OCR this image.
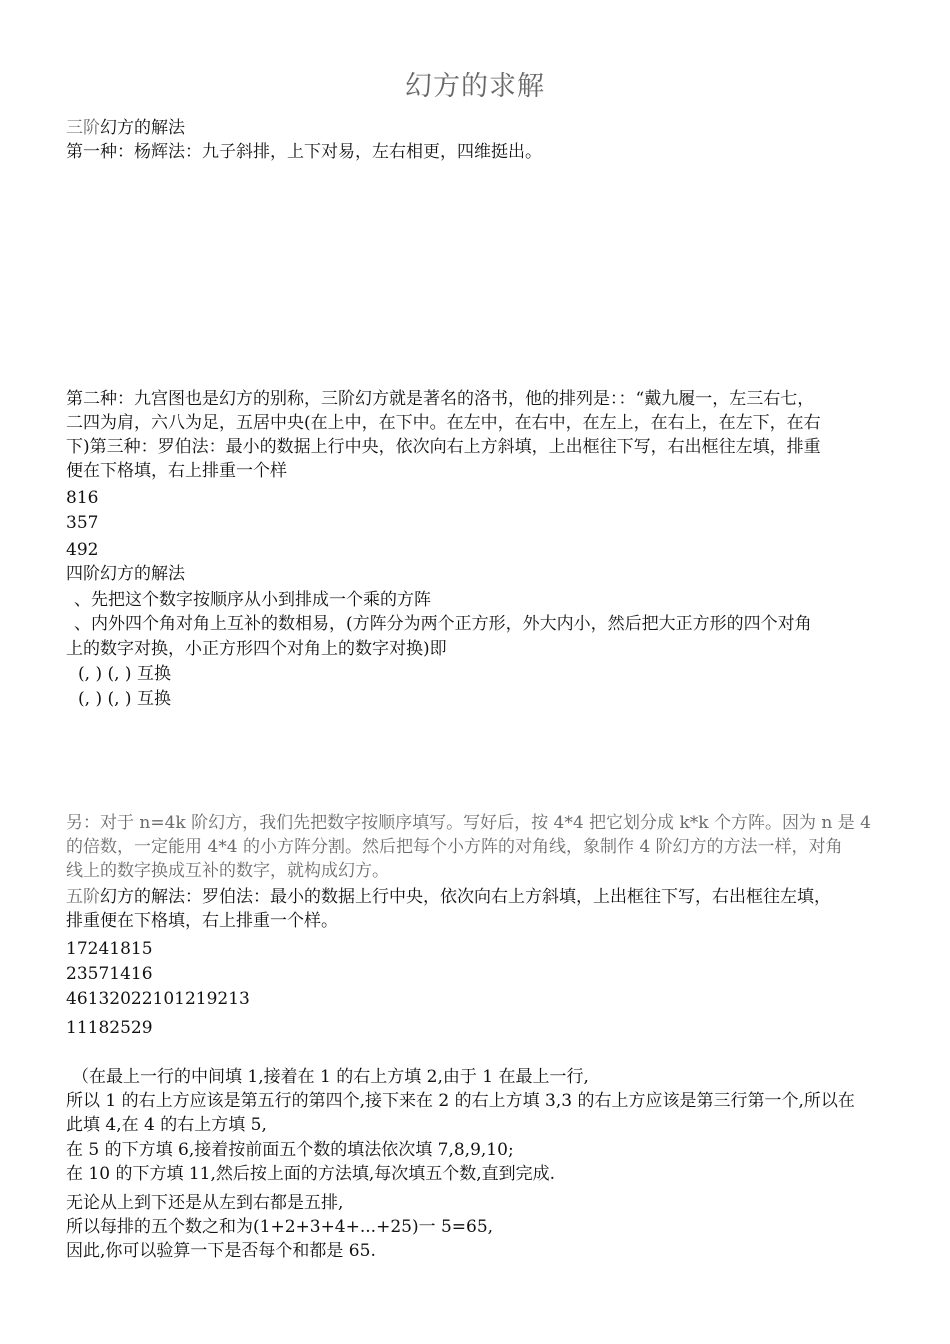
幻方的求解
三阶幻方的解法
第一种：杨辉法：九子斜排，上下对易，左右相更，四维挺出。
第二种：九宫图也是幻方的别称，三阶幻方就是著名的洛书，他的排列是：：“戴九履一，左三右七，
二四为肩，六八为足，五居中央(在上中，在下中。在左中，在右中，在左上，在右上，在左下，在右
下)第三种：罗伯法：最小的数据上行中央，依次向右上方斜填，上出框往下写，右出框往左填，排重
便在下格填，右上排重一个样
816
357
492
四阶幻方的解法
、先把这个数字按顺序从小到排成一个乘的方阵
、内外四个角对角上互补的数相易，(方阵分为两个正方形，外大内小，然后把大正方形的四个对角
上的数字对换，小正方形四个对角上的数字对换)即
(, ) (, ) 互换
(, ) (, ) 互换
另：对于 n=4k 阶幻方，我们先把数字按顺序填写。写好后，按 4*4 把它划分成 k*k 个方阵。因为 n 是 4
的倍数，一定能用 4*4 的小方阵分割。然后把每个小方阵的对角线，象制作 4 阶幻方的方法一样，对角
线上的数字换成互补的数字，就构成幻方。
五阶幻方的解法：罗伯法：最小的数据上行中央，依次向右上方斜填，上出框往下写，右出框往左填，
排重便在下格填，右上排重一个样。
17241815
23571416
46132022101219213
11182529
（在最上一行的中间填 1,接着在 1 的右上方填 2,由于 1 在最上一行,
所以 1 的右上方应该是第五行的第四个,接下来在 2 的右上方填 3,3 的右上方应该是第三行第一个,所以在
此填 4,在 4 的右上方填 5,
在 5 的下方填 6,接着按前面五个数的填法依次填 7,8,9,10;
在 10 的下方填 11,然后按上面的方法填,每次填五个数,直到完成.
无论从上到下还是从左到右都是五排,
所以每排的五个数之和为(1+2+3+4+...+25)一 5=65,
因此,你可以验算一下是否每个和都是 65.
